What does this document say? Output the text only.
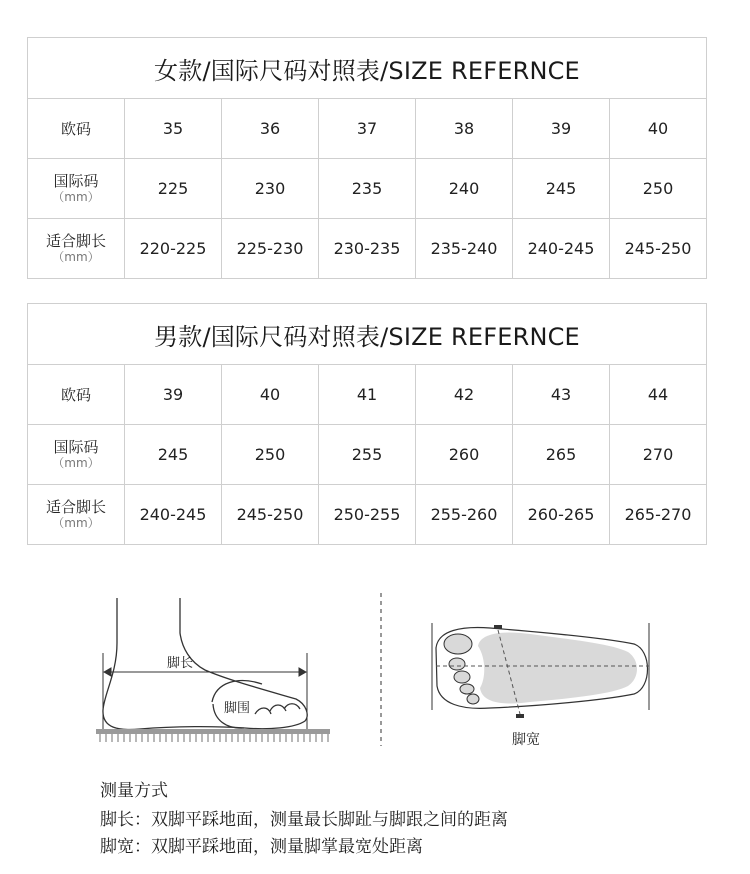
女款/国际尺码对照表/SIZE REFERNCE						
欧码	35	36	37	38	39	40
国际码
（mm）	225	230	235	240	245	250
适合脚长
（mm）	220-225	225-230	230-235	235-240	240-245	245-250
男款/国际尺码对照表/SIZE REFERNCE						
欧码	39	40	41	42	43	44
国际码
（mm）	245	250	255	260	265	270
适合脚长
（mm）	240-245	245-250	250-255	255-260	260-265	265-270
脚长
脚围
脚宽
测量方式
脚长：双脚平踩地面，测量最长脚趾与脚跟之间的距离
脚宽：双脚平踩地面，测量脚掌最宽处距离
